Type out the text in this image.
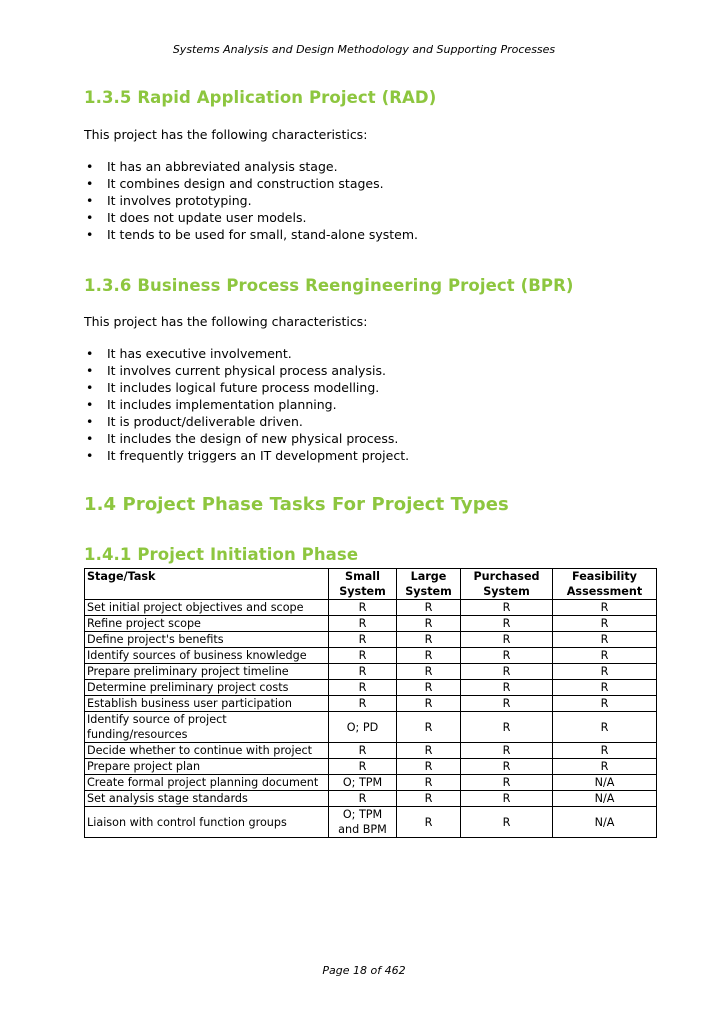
Systems Analysis and Design Methodology and Supporting Processes
1.3.5 Rapid Application Project (RAD)

This project has the following characteristics:

• It has an abbreviated analysis stage.
• It combines design and construction stages.
• It involves prototyping.
• It does not update user models.
• It tends to be used for small, stand-alone system.
1.3.6 Business Process Reengineering Project (BPR)

This project has the following characteristics:

• It has executive involvement.
• It involves current physical process analysis.
• It includes logical future process modelling.
• It includes implementation planning.
• It is product/deliverable driven.
• It includes the design of new physical process.
• It frequently triggers an IT development project.
1.4 Project Phase Tasks For Project Types
1.4.1 Project Initiation Phase
Stage/Task	Small System	Large System	Purchased System	Feasibility Assessment
Set initial project objectives and scope	R	R	R	R
Refine project scope	R	R	R	R
Define project's benefits	R	R	R	R
Identify sources of business knowledge	R	R	R	R
Prepare preliminary project timeline	R	R	R	R
Determine preliminary project costs	R	R	R	R
Establish business user participation	R	R	R	R
Identify source of project funding/resources	O; PD	R	R	R
Decide whether to continue with project	R	R	R	R
Prepare project plan	R	R	R	R
Create formal project planning document	O; TPM	R	R	N/A
Set analysis stage standards	R	R	R	N/A
Liaison with control function groups	O; TPM and BPM	R	R	N/A
Page 18 of 462
